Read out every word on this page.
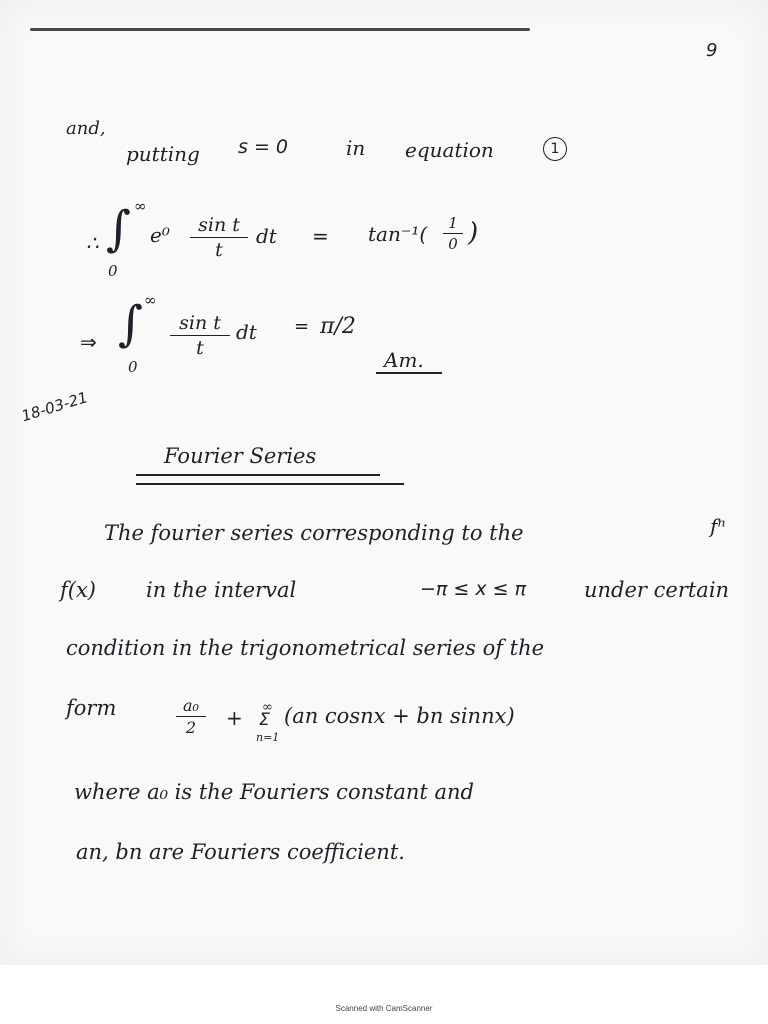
9
and,
putting s = 0	in equation	1
∴ ∫ ∞
0
$e^0 \frac{\text{sin t}}{t}$ dt = $\tan^{-1}( \frac{1}{0}$ )
⇒ ∫ ∞
0
$\frac{\text{sin t}}{t}$ dt = π/2
Am.
18-03-21
Fourier Series
The fourier series corresponding to the	fⁿ
f(x) in the interval	−π ≤ x ≤ π	under certain
condition in the trigonometrical series of the
form	$\frac{\text{a₀}}{2}$ + ∞
Σ
n=1
(an cosnx + bn sinnx)
where a₀ is the Fouriers constant and
an, bn are Fouriers coefficient.
Scanned with CamScanner
